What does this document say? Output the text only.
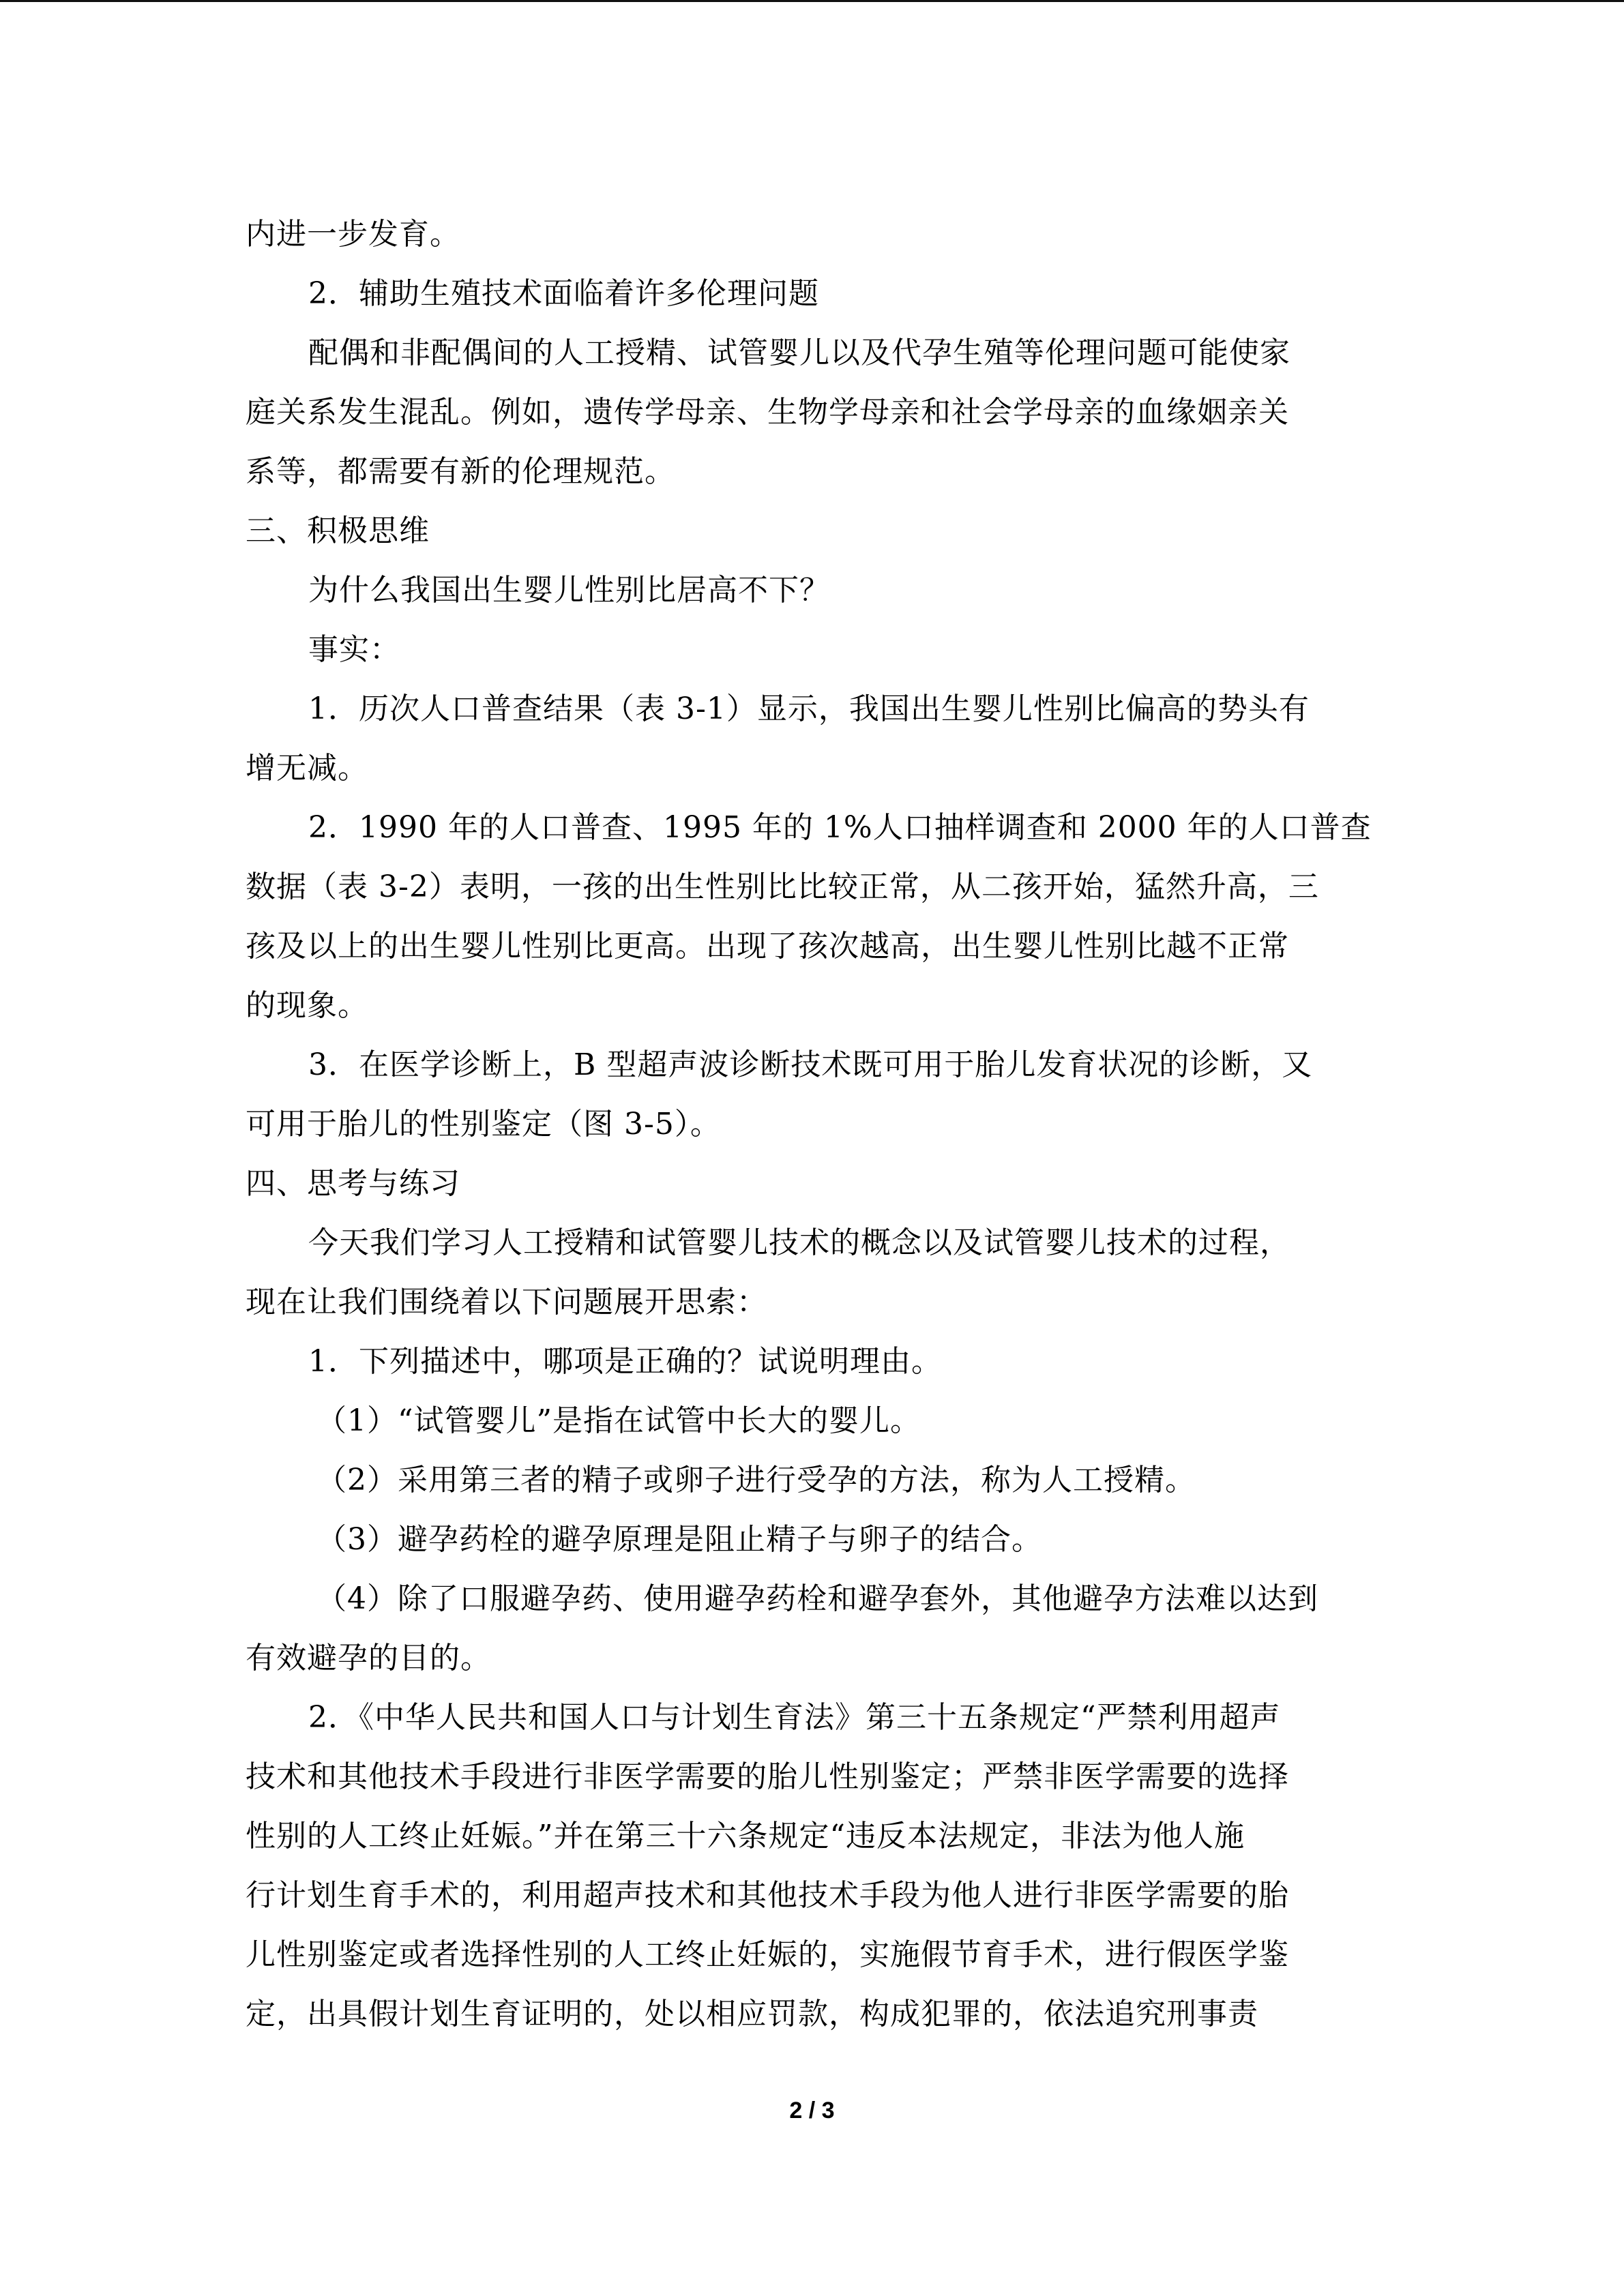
内进一步发育。
2．辅助生殖技术面临着许多伦理问题
配偶和非配偶间的人工授精、试管婴儿以及代孕生殖等伦理问题可能使家
庭关系发生混乱。例如，遗传学母亲、生物学母亲和社会学母亲的血缘姻亲关
系等，都需要有新的伦理规范。
三、积极思维
为什么我国出生婴儿性别比居高不下？
事实：
1．历次人口普查结果（表 3-1）显示，我国出生婴儿性别比偏高的势头有
增无减。
2．1990 年的人口普查、1995 年的 1%人口抽样调查和 2000 年的人口普查
数据（表 3-2）表明，一孩的出生性别比比较正常，从二孩开始，猛然升高，三
孩及以上的出生婴儿性别比更高。出现了孩次越高，出生婴儿性别比越不正常
的现象。
3．在医学诊断上，B 型超声波诊断技术既可用于胎儿发育状况的诊断，又
可用于胎儿的性别鉴定（图 3-5）。
四、思考与练习
今天我们学习人工授精和试管婴儿技术的概念以及试管婴儿技术的过程，
现在让我们围绕着以下问题展开思索：
1．下列描述中，哪项是正确的？试说明理由。
（1）“试管婴儿”是指在试管中长大的婴儿。
（2）采用第三者的精子或卵子进行受孕的方法，称为人工授精。
（3）避孕药栓的避孕原理是阻止精子与卵子的结合。
（4）除了口服避孕药、使用避孕药栓和避孕套外，其他避孕方法难以达到
有效避孕的目的。
2．《中华人民共和国人口与计划生育法》第三十五条规定“严禁利用超声
技术和其他技术手段进行非医学需要的胎儿性别鉴定；严禁非医学需要的选择
性别的人工终止妊娠。”并在第三十六条规定“违反本法规定，非法为他人施
行计划生育手术的，利用超声技术和其他技术手段为他人进行非医学需要的胎
儿性别鉴定或者选择性别的人工终止妊娠的，实施假节育手术，进行假医学鉴
定，出具假计划生育证明的，处以相应罚款，构成犯罪的，依法追究刑事责
2 / 3
